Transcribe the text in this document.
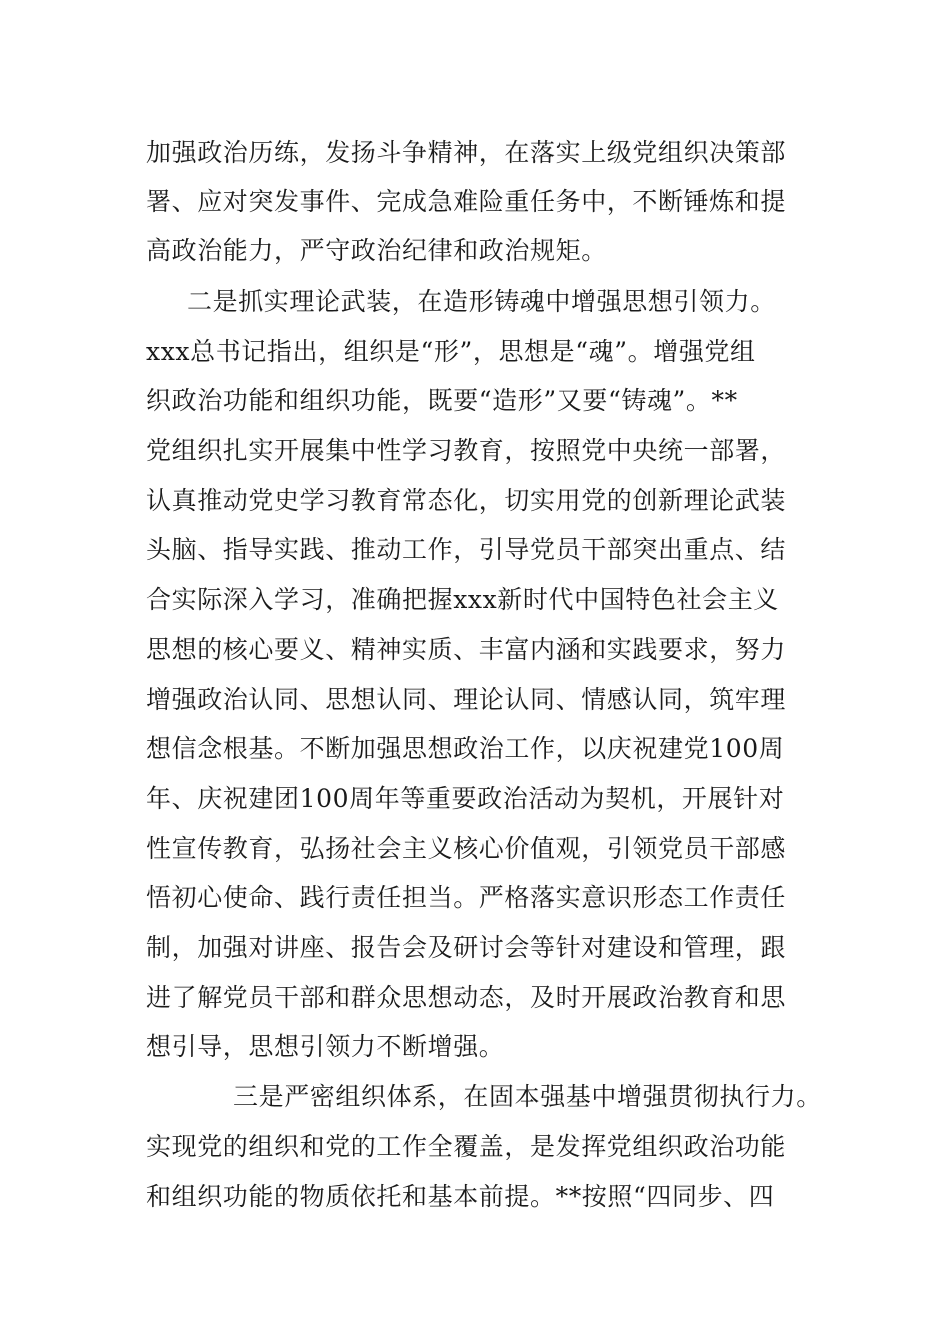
加强政治历练，发扬斗争精神，在落实上级党组织决策部
署、应对突发事件、完成急难险重任务中，不断锤炼和提
高政治能力，严守政治纪律和政治规矩。
二是抓实理论武装，在造形铸魂中增强思想引领力。
xxx总书记指出，组织是“形”，思想是“魂”。增强党组
织政治功能和组织功能，既要“造形”又要“铸魂”。**
党组织扎实开展集中性学习教育，按照党中央统一部署，
认真推动党史学习教育常态化，切实用党的创新理论武装
头脑、指导实践、推动工作，引导党员干部突出重点、结
合实际深入学习，准确把握xxx新时代中国特色社会主义
思想的核心要义、精神实质、丰富内涵和实践要求，努力
增强政治认同、思想认同、理论认同、情感认同，筑牢理
想信念根基。不断加强思想政治工作，以庆祝建党100周
年、庆祝建团100周年等重要政治活动为契机，开展针对
性宣传教育，弘扬社会主义核心价值观，引领党员干部感
悟初心使命、践行责任担当。严格落实意识形态工作责任
制，加强对讲座、报告会及研讨会等针对建设和管理，跟
进了解党员干部和群众思想动态，及时开展政治教育和思
想引导，思想引领力不断增强。
三是严密组织体系，在固本强基中增强贯彻执行力。
实现党的组织和党的工作全覆盖，是发挥党组织政治功能
和组织功能的物质依托和基本前提。**按照“四同步、四
